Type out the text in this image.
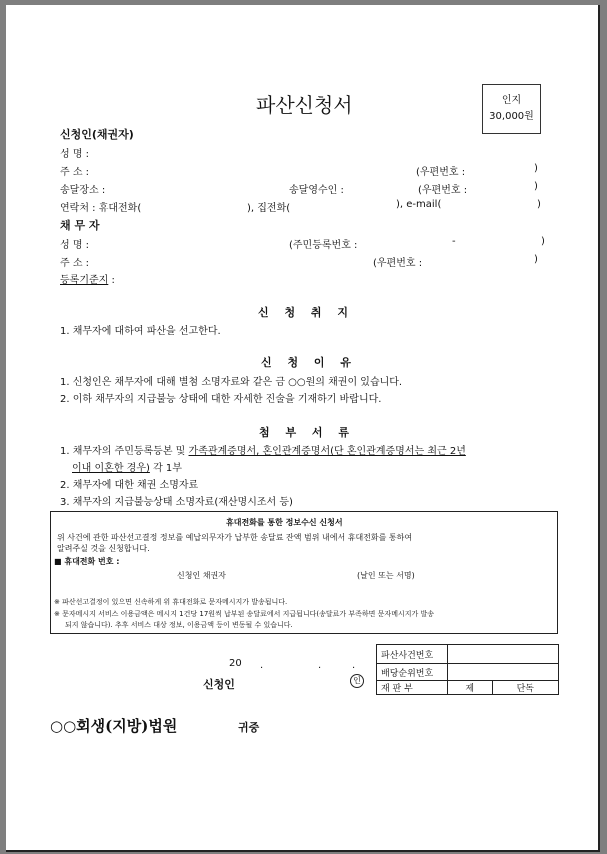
파산신청서	인지
30,000원
신청인(채권자)
성 명 :
주 소 :	(우편번호 :	)
송달장소 :	송달영수인 :	(우편번호 :	)
연락처 : 휴대전화(	), 집전화(	), e-mail(	)
채 무 자
성 명 :	(주민등록번호 :	-	)
주 소 :	(우편번호 :	)
등록기준지 :
신 청 취 지
1. 채무자에 대하여 파산을 선고한다.
신 청 이 유
1. 신청인은 채무자에 대해 별첨 소명자료와 같은 금 ○○원의 채권이 있습니다.
2. 이하 채무자의 지급불능 상태에 대한 자세한 진술을 기재하기 바랍니다.
첨 부 서 류
1. 채무자의 주민등록등본 및 가족관계증명서, 혼인관계증명서(단 혼인관계증명서는 최근 2년
이내 이혼한 경우) 각 1부
2. 채무자에 대한 채권 소명자료
3. 채무자의 지급불능상태 소명자료(재산명시조서 등)
휴대전화를 통한 정보수신 신청서
위 사건에 관한 파산선고결정 정보를 예납의무자가 납부한 송달료 잔액 범위 내에서 휴대전화를 통하여
알려주실 것을 신청합니다.
■ 휴대전화 번호 :
신청인 채권자	(날인 또는 서명)
※ 파산선고결정이 있으면 신속하게 위 휴대전화로 문자메시지가 발송됩니다.
※ 문자메시지 서비스 이용금액은 메시지 1건당 17원씩 납부된 송달료에서 지급됩니다(송달료가 부족하면 문자메시지가 발송
되지 않습니다). 추후 서비스 대상 정보, 이용금액 등이 변동될 수 있습니다.
20 .	.	.
신청인	인
파산사건번호		
배당순위번호		
재 판 부	제	단독
○○회생(지방)법원	귀중
